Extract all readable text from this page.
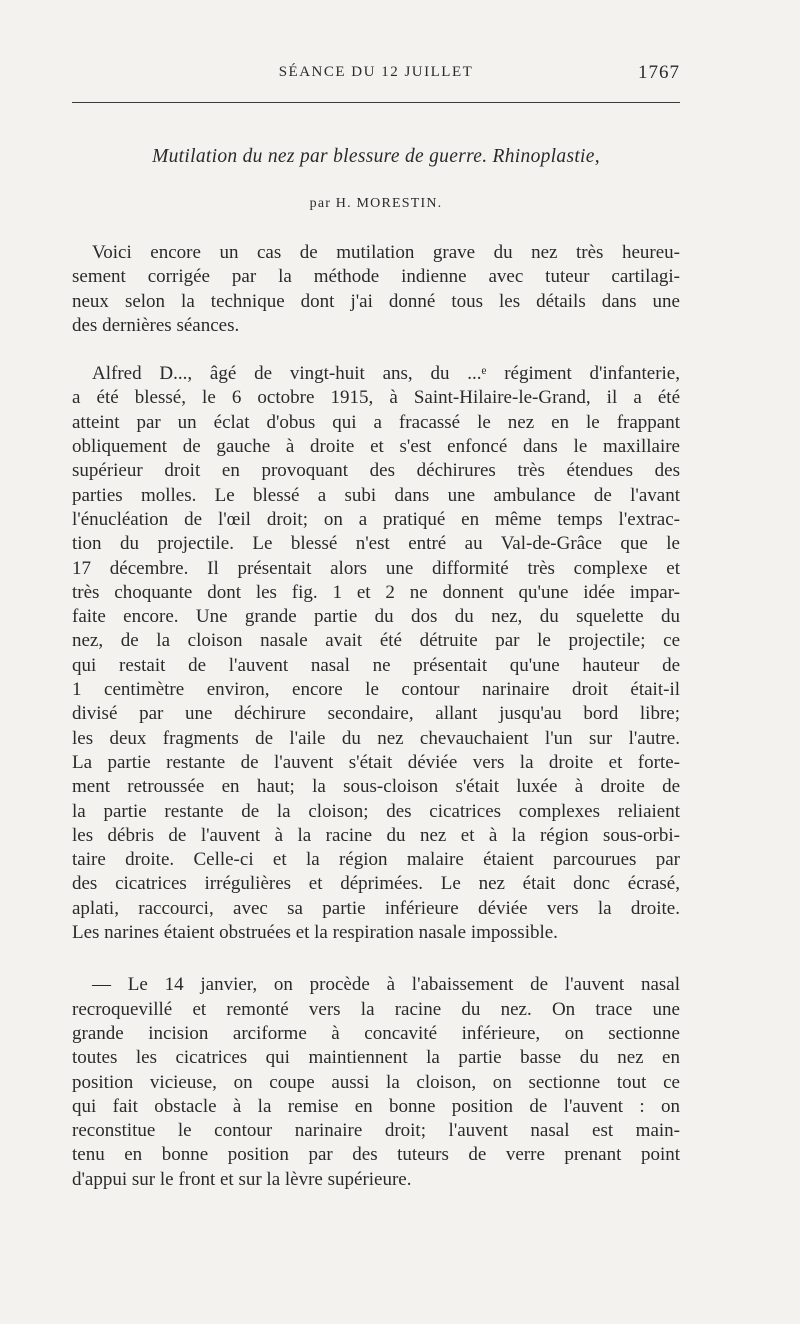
SÉANCE DU 12 JUILLET	1767
Mutilation du nez par blessure de guerre. Rhinoplastie,
par H. MORESTIN.

Voici encore un cas de mutilation grave du nez très heureu-
sement corrigée par la méthode indienne avec tuteur cartilagi-
neux selon la technique dont j'ai donné tous les détails dans une
des dernières séances.

Alfred D..., âgé de vingt-huit ans, du ...ᵉ régiment d'infanterie,
a été blessé, le 6 octobre 1915, à Saint-Hilaire-le-Grand, il a été
atteint par un éclat d'obus qui a fracassé le nez en le frappant
obliquement de gauche à droite et s'est enfoncé dans le maxillaire
supérieur droit en provoquant des déchirures très étendues des
parties molles. Le blessé a subi dans une ambulance de l'avant
l'énucléation de l'œil droit; on a pratiqué en même temps l'extrac-
tion du projectile. Le blessé n'est entré au Val-de-Grâce que le
17 décembre. Il présentait alors une difformité très complexe et
très choquante dont les fig. 1 et 2 ne donnent qu'une idée impar-
faite encore. Une grande partie du dos du nez, du squelette du
nez, de la cloison nasale avait été détruite par le projectile; ce
qui restait de l'auvent nasal ne présentait qu'une hauteur de
1 centimètre environ, encore le contour narinaire droit était-il
divisé par une déchirure secondaire, allant jusqu'au bord libre;
les deux fragments de l'aile du nez chevauchaient l'un sur l'autre.
La partie restante de l'auvent s'était déviée vers la droite et forte-
ment retroussée en haut; la sous-cloison s'était luxée à droite de
la partie restante de la cloison; des cicatrices complexes reliaient
les débris de l'auvent à la racine du nez et à la région sous-orbi-
taire droite. Celle-ci et la région malaire étaient parcourues par
des cicatrices irrégulières et déprimées. Le nez était donc écrasé,
aplati, raccourci, avec sa partie inférieure déviée vers la droite.
Les narines étaient obstruées et la respiration nasale impossible.

— Le 14 janvier, on procède à l'abaissement de l'auvent nasal
recroquevillé et remonté vers la racine du nez. On trace une
grande incision arciforme à concavité inférieure, on sectionne
toutes les cicatrices qui maintiennent la partie basse du nez en
position vicieuse, on coupe aussi la cloison, on sectionne tout ce
qui fait obstacle à la remise en bonne position de l'auvent : on
reconstitue le contour narinaire droit; l'auvent nasal est main-
tenu en bonne position par des tuteurs de verre prenant point
d'appui sur le front et sur la lèvre supérieure.
